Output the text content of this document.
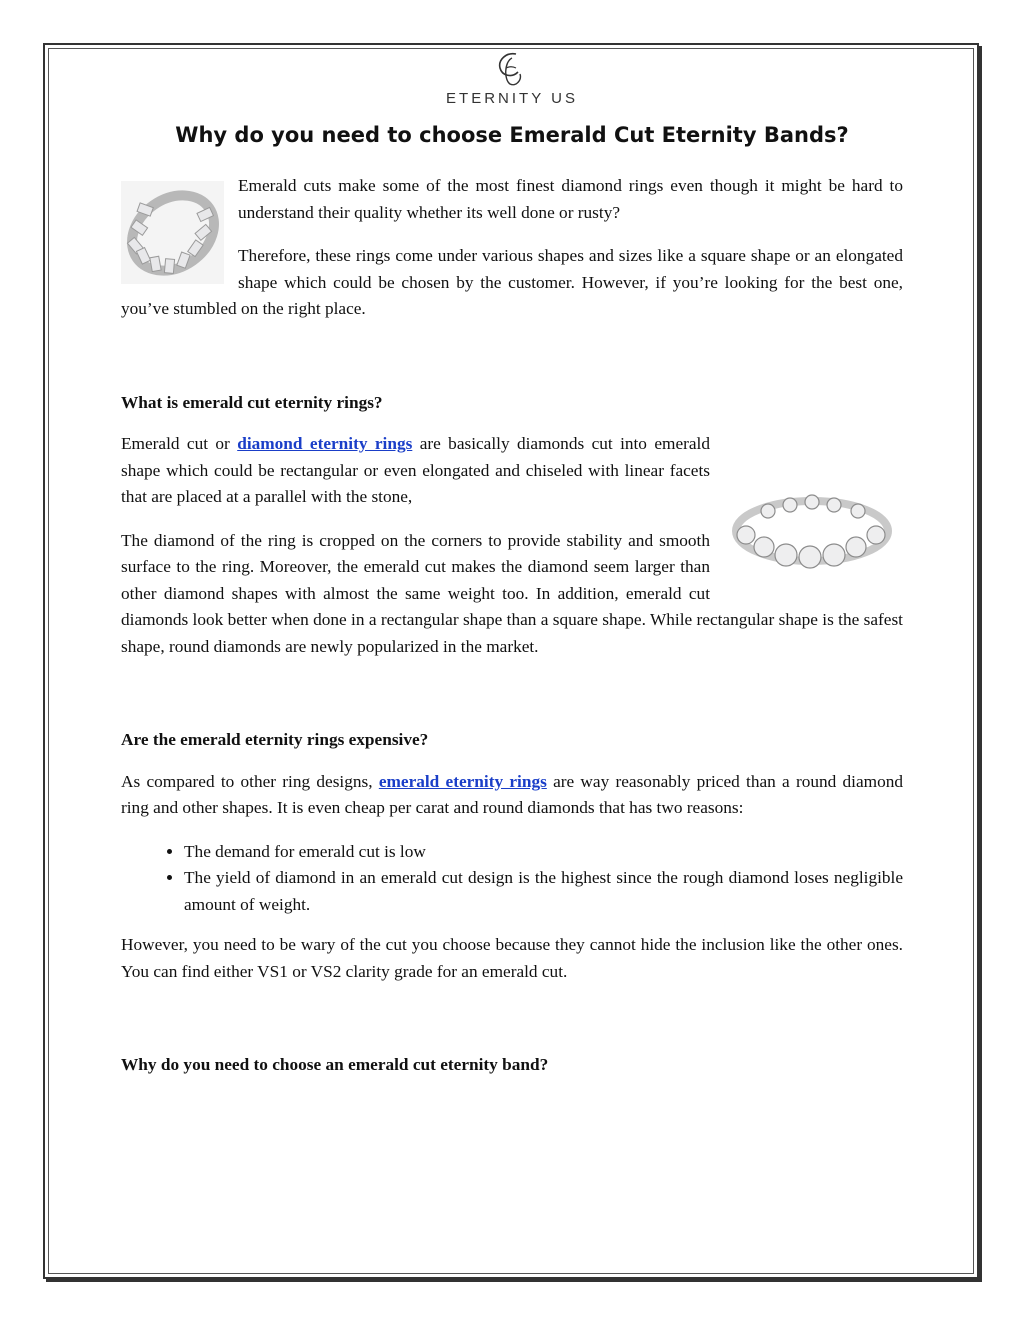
ETERNITY US
Why do you need to choose Emerald Cut Eternity Bands?

Emerald cuts make some of the most finest diamond rings even though it might be hard to understand their quality whether its well done or rusty?

Therefore, these rings come under various shapes and sizes like a square shape or an elongated shape which could be chosen by the customer. However, if you’re looking for the best one, you’ve stumbled on the right place.

What is emerald cut eternity rings?

Emerald cut or diamond eternity rings are basically diamonds cut into emerald shape which could be rectangular or even elongated and chiseled with linear facets that are placed at a parallel with the stone,

The diamond of the ring is cropped on the corners to provide stability and smooth surface to the ring. Moreover, the emerald cut makes the diamond seem larger than other diamond shapes with almost the same weight too. In addition, emerald cut diamonds look better when done in a rectangular shape than a square shape. While rectangular shape is the safest shape, round diamonds are newly popularized in the market.

Are the emerald eternity rings expensive?

As compared to other ring designs, emerald eternity rings are way reasonably priced than a round diamond ring and other shapes. It is even cheap per carat and round diamonds that has two reasons:

• The demand for emerald cut is low
• The yield of diamond in an emerald cut design is the highest since the rough diamond loses negligible amount of weight.

However, you need to be wary of the cut you choose because they cannot hide the inclusion like the other ones. You can find either VS1 or VS2 clarity grade for an emerald cut.

Why do you need to choose an emerald cut eternity band?
